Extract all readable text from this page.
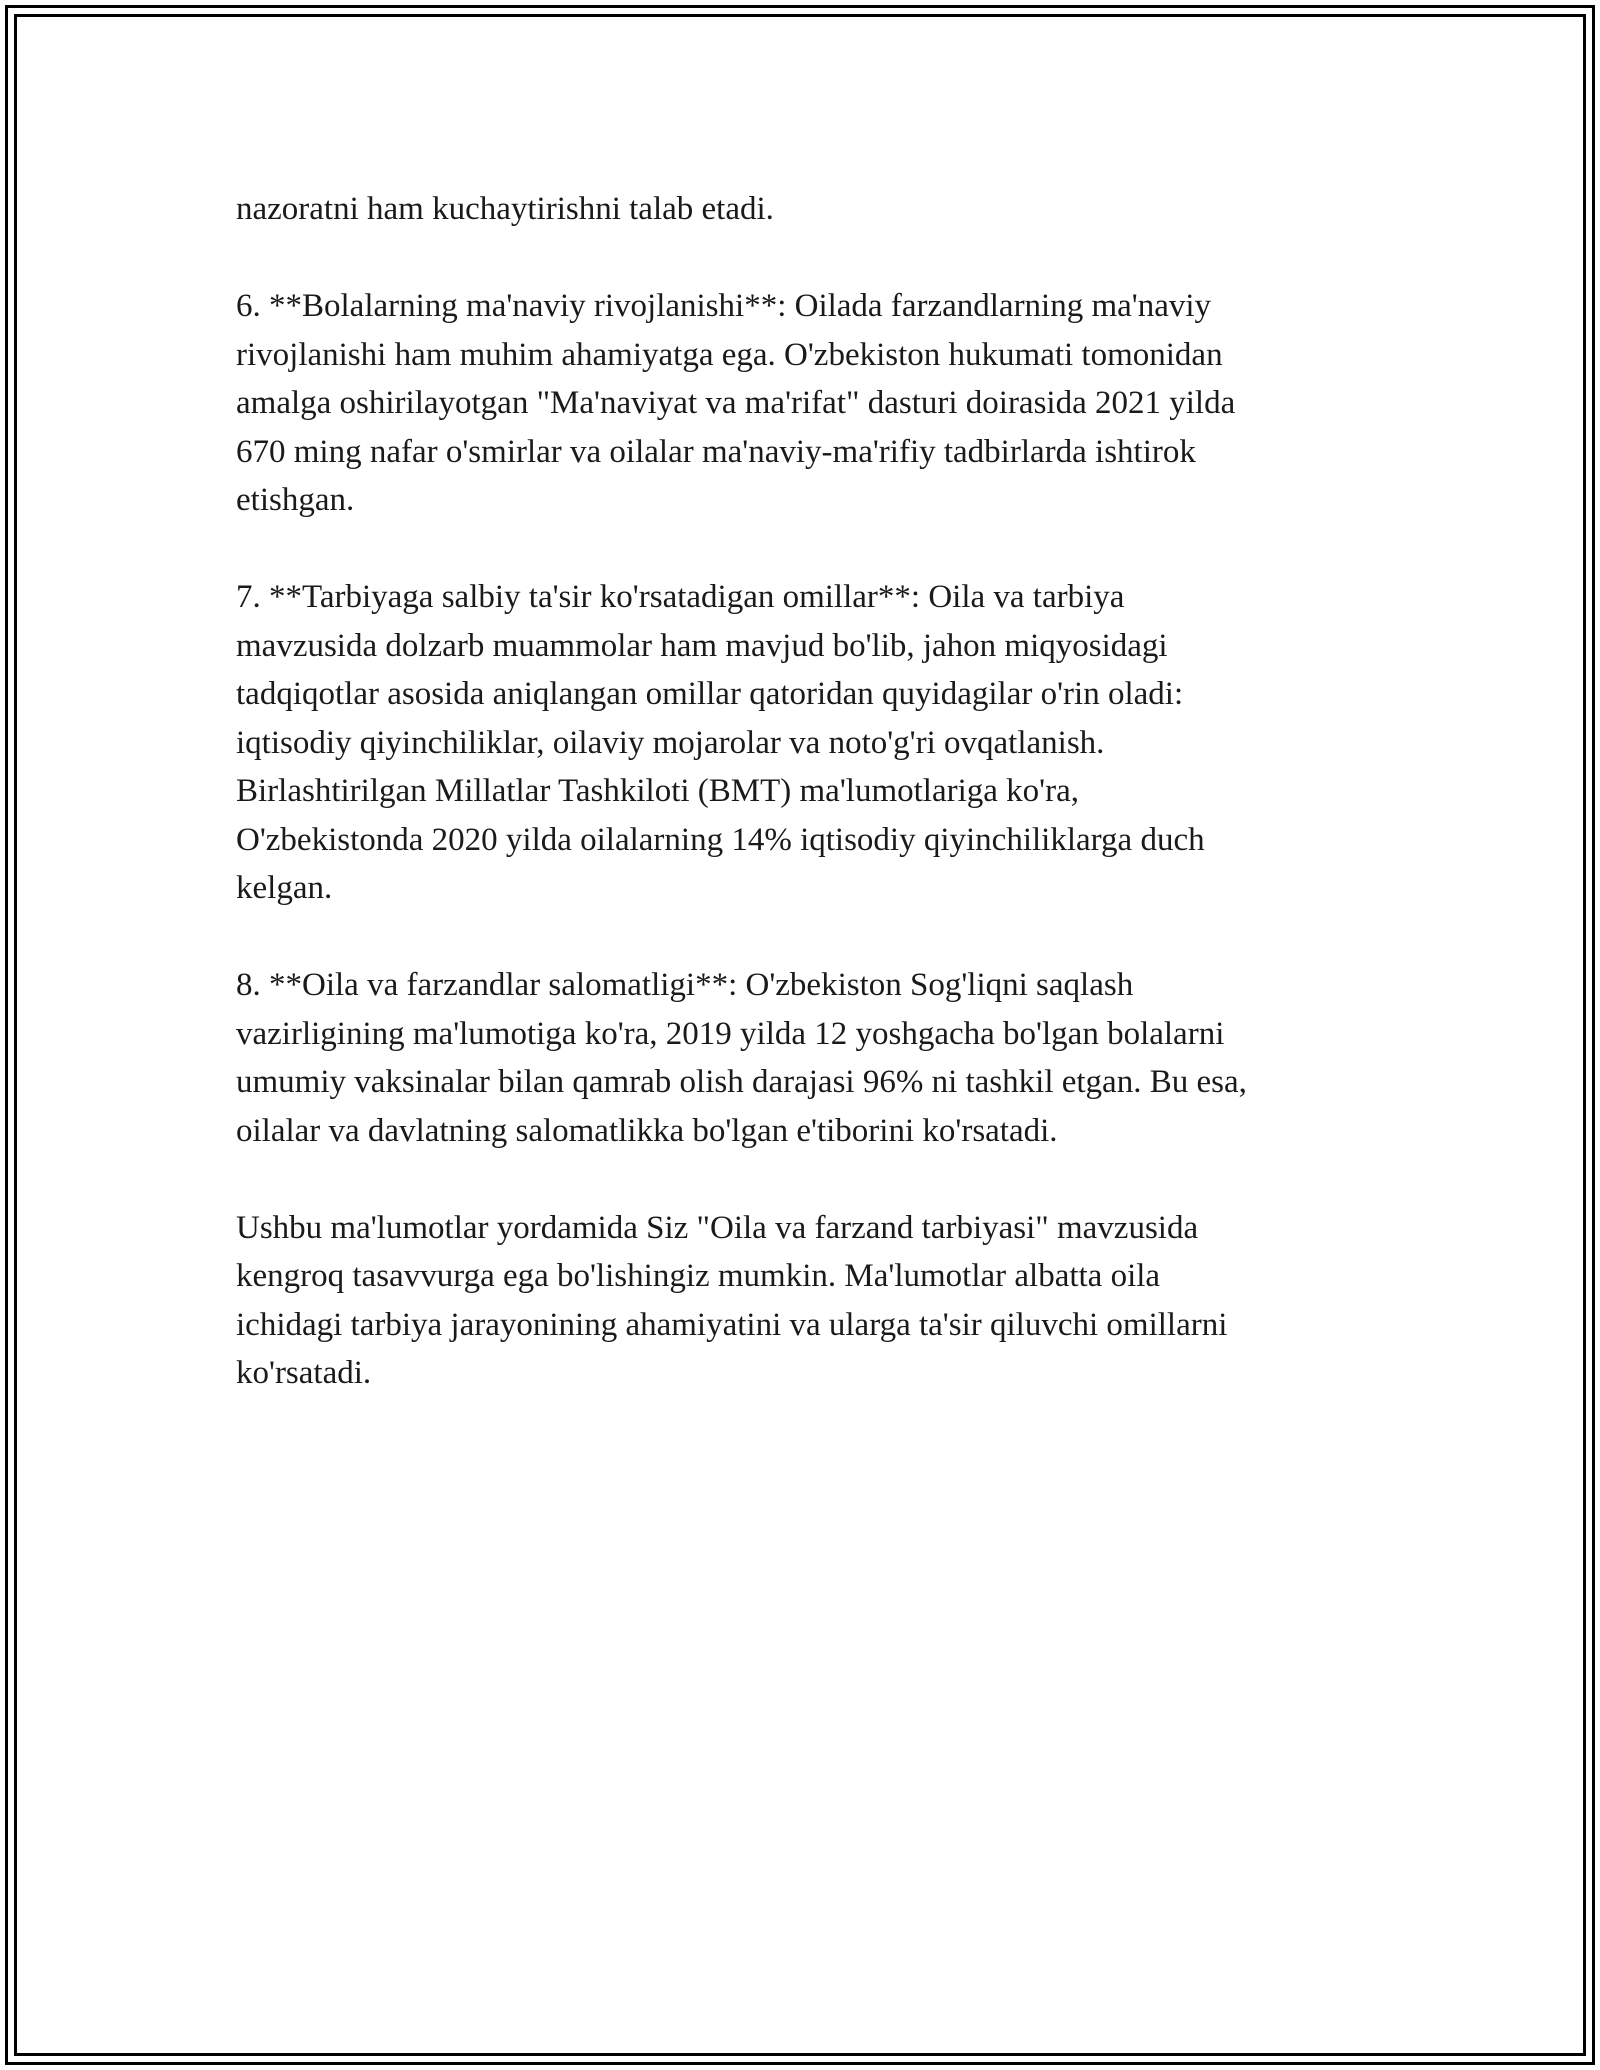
nazoratni ham kuchaytirishni talab etadi.
6. **Bolalarning ma'naviy rivojlanishi**: Oilada farzandlarning ma'naviy
rivojlanishi ham muhim ahamiyatga ega. O'zbekiston hukumati tomonidan
amalga oshirilayotgan "Ma'naviyat va ma'rifat" dasturi doirasida 2021 yilda
670 ming nafar o'smirlar va oilalar ma'naviy-ma'rifiy tadbirlarda ishtirok
etishgan.
7. **Tarbiyaga salbiy ta'sir ko'rsatadigan omillar**: Oila va tarbiya
mavzusida dolzarb muammolar ham mavjud bo'lib, jahon miqyosidagi
tadqiqotlar asosida aniqlangan omillar qatoridan quyidagilar o'rin oladi:
iqtisodiy qiyinchiliklar, oilaviy mojarolar va noto'g'ri ovqatlanish.
Birlashtirilgan Millatlar Tashkiloti (BMT) ma'lumotlariga ko'ra,
O'zbekistonda 2020 yilda oilalarning 14% iqtisodiy qiyinchiliklarga duch
kelgan.
8. **Oila va farzandlar salomatligi**: O'zbekiston Sog'liqni saqlash
vazirligining ma'lumotiga ko'ra, 2019 yilda 12 yoshgacha bo'lgan bolalarni
umumiy vaksinalar bilan qamrab olish darajasi 96% ni tashkil etgan. Bu esa,
oilalar va davlatning salomatlikka bo'lgan e'tiborini ko'rsatadi.
Ushbu ma'lumotlar yordamida Siz "Oila va farzand tarbiyasi" mavzusida
kengroq tasavvurga ega bo'lishingiz mumkin. Ma'lumotlar albatta oila
ichidagi tarbiya jarayonining ahamiyatini va ularga ta'sir qiluvchi omillarni
ko'rsatadi.
